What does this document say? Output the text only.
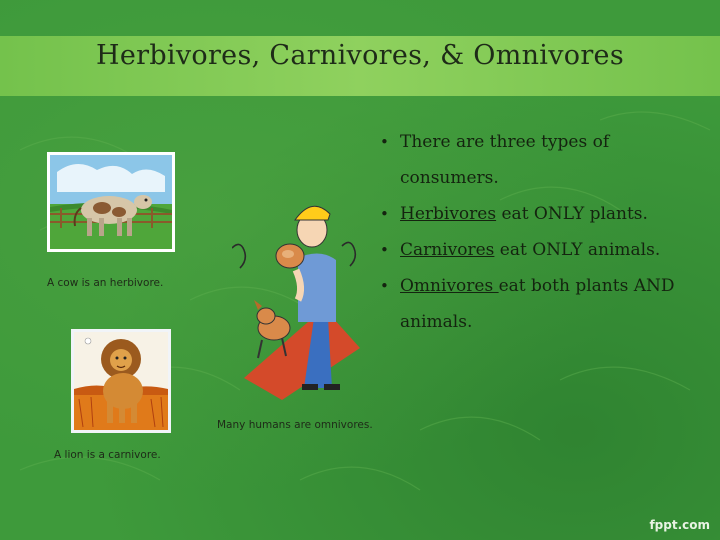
Herbivores, Carnivores, & Omnivores
A cow is an herbivore.
Many humans are omnivores.
A lion is a carnivore.
• There are three types of consumers.
• Herbivores eat ONLY plants.
• Carnivores eat ONLY animals.
• Omnivores eat both plants AND animals.
fppt.com
